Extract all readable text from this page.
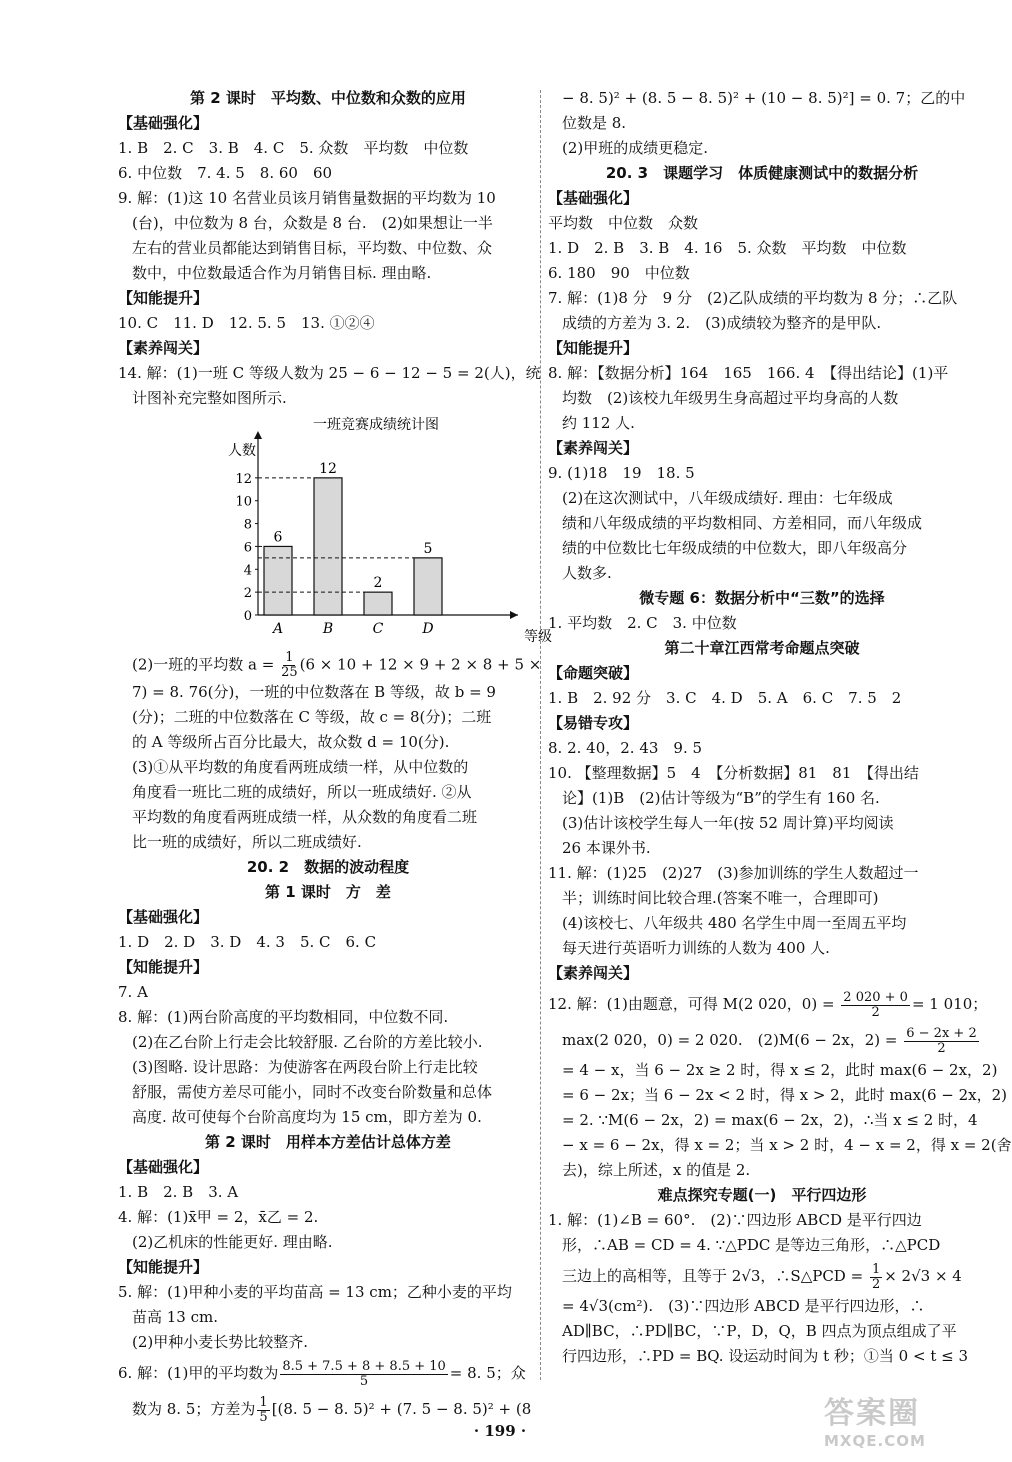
第 2 课时　平均数、中位数和众数的应用
【基础强化】
1. B　2. C　3. B　4. C　5. 众数　平均数　中位数
6. 中位数　7. 4. 5　8. 60　60
9. 解：(1)这 10 名营业员该月销售量数据的平均数为 10
(台)，中位数为 8 台，众数是 8 台.　(2)如果想让一半
左右的营业员都能达到销售目标，平均数、中位数、众
数中，中位数最适合作为月销售目标. 理由略.
【知能提升】
10. C　11. D　12. 5. 5　13. ①②④
【素养闯关】
14. 解：(1)一班 C 等级人数为 25 − 6 − 12 − 5 = 2(人)，统
计图补充完整如图所示.
一班竞赛成绩统计图
人数
等级
0
2
4
6
8
10
12
6
A
12
B
2
C
5
D
(2)一班的平均数 $a = \frac{1}{25} (6 \times 10 + 12 \times 9 + 2 \times 8 + 5$ ×
7) = 8. 76(分)，一班的中位数落在 B 等级，故 b = 9
(分)；二班的中位数落在 C 等级，故 c = 8(分)；二班
的 A 等级所占百分比最大，故众数 d = 10(分).
(3)①从平均数的角度看两班成绩一样，从中位数的
角度看一班比二班的成绩好，所以一班成绩好. ②从
平均数的角度看两班成绩一样，从众数的角度看二班
比一班的成绩好，所以二班成绩好.
20. 2　数据的波动程度
第 1 课时　方　差
【基础强化】
1. D　2. D　3. D　4. 3　5. C　6. C
【知能提升】
7. A
8. 解：(1)两台阶高度的平均数相同，中位数不同.
(2)在乙台阶上行走会比较舒服. 乙台阶的方差比较小.
(3)图略. 设计思路：为使游客在两段台阶上行走比较
舒服，需使方差尽可能小，同时不改变台阶数量和总体
高度. 故可使每个台阶高度均为 15 cm，即方差为 0.
第 2 课时　用样本方差估计总体方差
【基础强化】
1. B　2. B　3. A
4. 解：(1)x̄甲 = 2，x̄乙 = 2.
(2)乙机床的性能更好. 理由略.
【知能提升】
5. 解：(1)甲种小麦的平均苗高 = 13 cm；乙种小麦的平均
苗高 13 cm.
(2)甲种小麦长势比较整齐.
6. 解：(1)甲的平均数为 $\frac{8.5 + 7.5 + 8 + 8.5 + 10}{5} = 8$. 5；众
数为 8. 5；方差为 $\frac{1}{5} [(8$. 5 − 8. 5)² + (7. 5 − 8. 5)² + (8
− 8. 5)² + (8. 5 − 8. 5)² + (10 − 8. 5)²] = 0. 7；乙的中
位数是 8.
(2)甲班的成绩更稳定.
20. 3　课题学习　体质健康测试中的数据分析
【基础强化】
平均数　中位数　众数
1. D　2. B　3. B　4. 16　5. 众数　平均数　中位数
6. 180　90　中位数
7. 解：(1)8 分　9 分　(2)乙队成绩的平均数为 8 分；∴乙队
成绩的方差为 3. 2.　(3)成绩较为整齐的是甲队.
【知能提升】
8. 解：【数据分析】164　165　166. 4　【得出结论】(1)平
均数　(2)该校九年级男生身高超过平均身高的人数
约 112 人.
【素养闯关】
9. (1)18　19　18. 5
(2)在这次测试中，八年级成绩好. 理由：七年级成
绩和八年级成绩的平均数相同、方差相同，而八年级成
绩的中位数比七年级成绩的中位数大，即八年级高分
人数多.
微专题 6：数据分析中“三数”的选择
1. 平均数　2. C　3. 中位数
第二十章江西常考命题点突破
【命题突破】
1. B　2. 92 分　3. C　4. D　5. A　6. C　7. 5　2
【易错专攻】
8. 2. 40，2. 43　9. 5
10. 【整理数据】5　4　【分析数据】81　81　【得出结
论】(1)B　(2)估计等级为“B”的学生有 160 名.
(3)估计该校学生每人一年(按 52 周计算)平均阅读
26 本课外书.
11. 解：(1)25　(2)27　(3)参加训练的学生人数超过一
半；训练时间比较合理.(答案不唯一，合理即可)
(4)该校七、八年级共 480 名学生中周一至周五平均
每天进行英语听力训练的人数为 400 人.
【素养闯关】
12. 解：(1)由题意，可得 M(2 020，$0) = \frac{2 020 + 0}{2} = 1$ 010；
max(2 020，0) = 2 020.　(2)M(6 − 2x，$2) = \frac{6 - 2x + 2}{2}$
= 4 − x，当 6 − 2x ≥ 2 时，得 x ≤ 2，此时 max(6 − 2x，2)
= 6 − 2x；当 6 − 2x < 2 时，得 x > 2，此时 max(6 − 2x，2)
= 2. ∵M(6 − 2x，2) = max(6 − 2x，2)，∴当 x ≤ 2 时，4
− x = 6 − 2x，得 x = 2；当 x > 2 时，4 − x = 2，得 x = 2(舍
去)，综上所述，x 的值是 2.
难点探究专题(一)　平行四边形
1. 解：(1)∠B = 60°.　(2)∵四边形 ABCD 是平行四边
形，∴AB = CD = 4. ∵△PDC 是等边三角形，∴△PCD
三边上的高相等，且等于 2√3，∴S△PCD = $\frac{1}{2} \times 2√3 \times 4$
= 4√3(cm²).　(3)∵四边形 ABCD 是平行四边形，∴
AD∥BC，∴PD∥BC，∵P，D，Q，B 四点为顶点组成了平
行四边形，∴PD = BQ. 设运动时间为 t 秒；①当 0 < t ≤ 3
· 199 ·	答案圈
MXQE.COM
